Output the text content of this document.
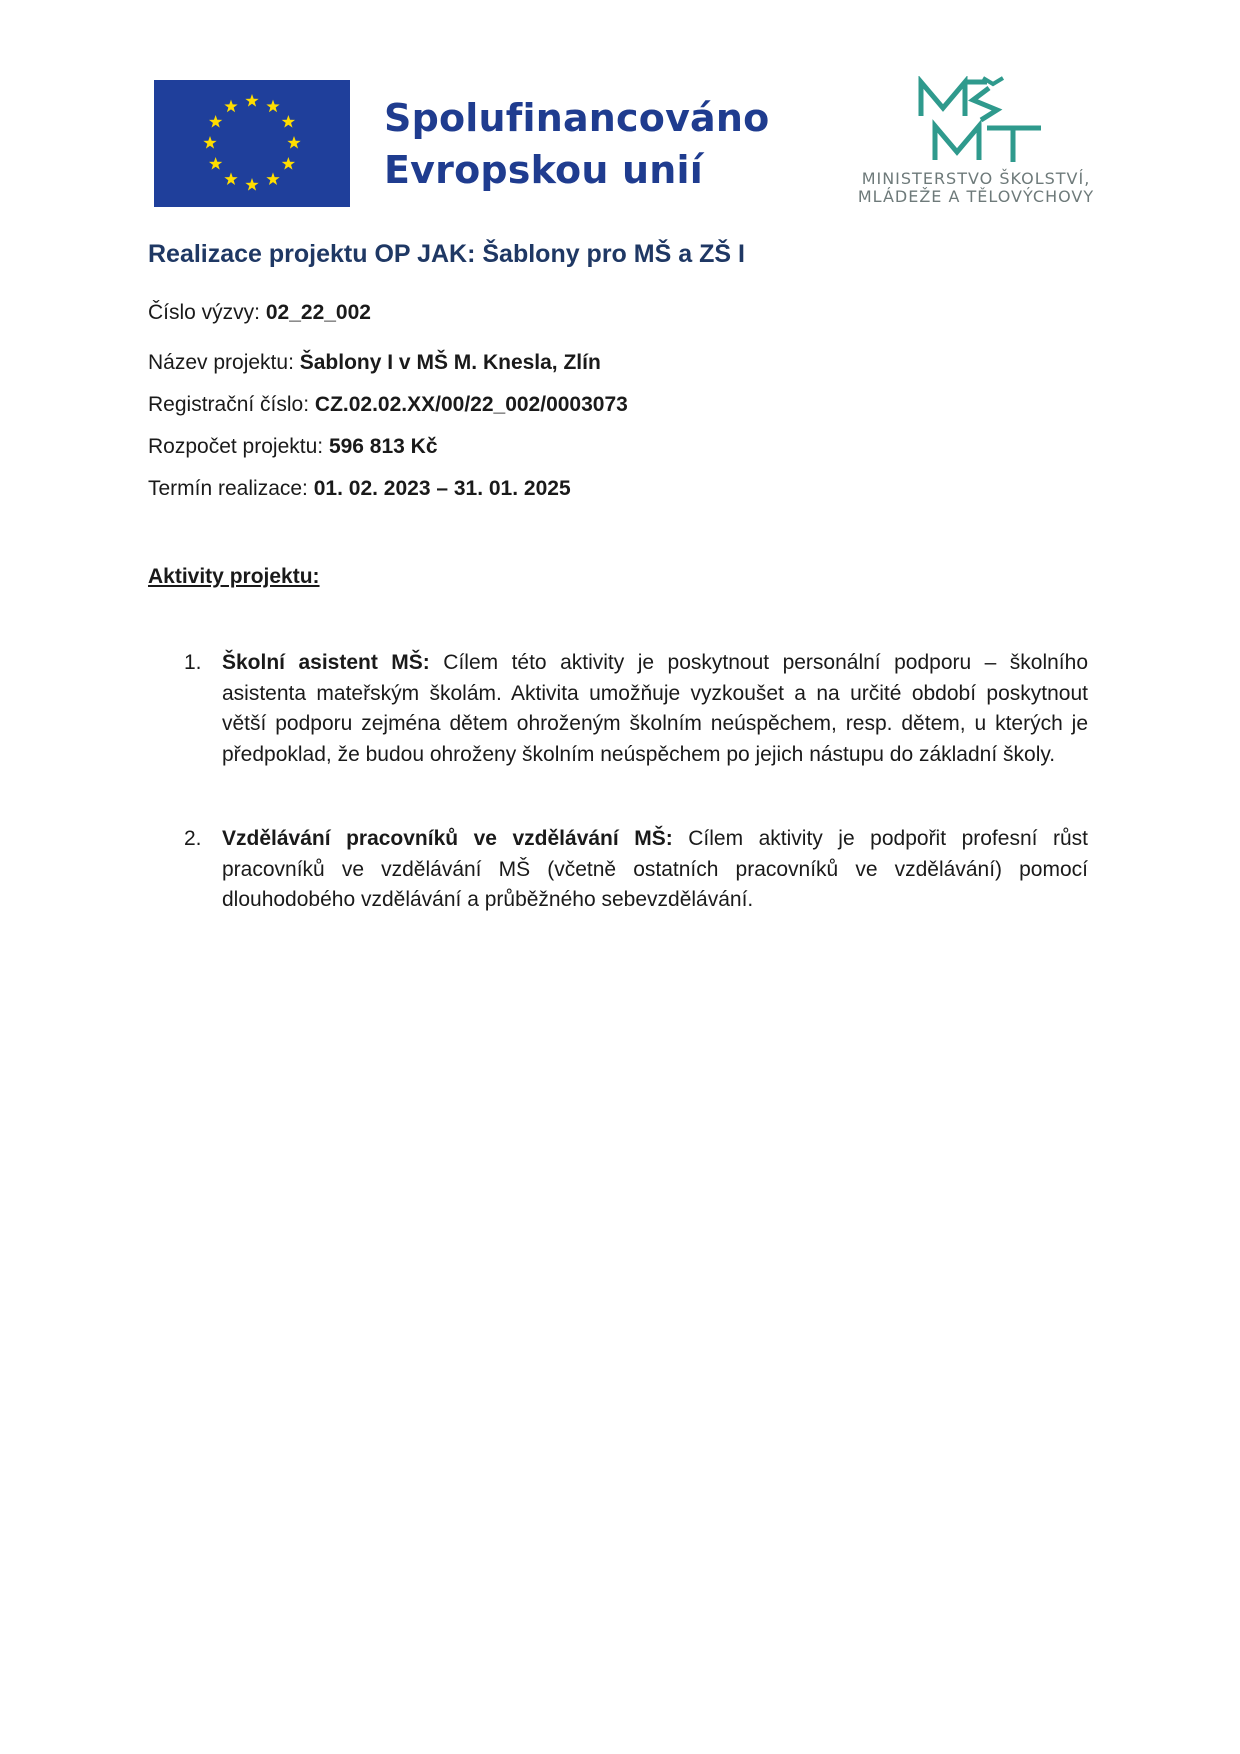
Spolufinancováno
Evropskou unií	MINISTERSTVO ŠKOLSTVÍ,
MLÁDEŽE A TĚLOVÝCHOVY
Realizace projektu OP JAK: Šablony pro MŠ a ZŠ I

Číslo výzvy: 02_22_002

Název projektu: Šablony I v MŠ M. Knesla, Zlín

Registrační číslo: CZ.02.02.XX/00/22_002/0003073

Rozpočet projektu: 596 813 Kč

Termín realizace: 01. 02. 2023 – 31. 01. 2025

Aktivity projektu:
1. Školní asistent MŠ: Cílem této aktivity je poskytnout personální podporu – školního asistenta mateřským školám. Aktivita umožňuje vyzkoušet a na určité období poskytnout větší podporu zejména dětem ohroženým školním neúspěchem, resp. dětem, u kterých je předpoklad, že budou ohroženy školním neúspěchem po jejich nástupu do základní školy.
2. Vzdělávání pracovníků ve vzdělávání MŠ: Cílem aktivity je podpořit profesní růst pracovníků ve vzdělávání MŠ (včetně ostatních pracovníků ve vzdělávání) pomocí dlouhodobého vzdělávání a průběžného sebevzdělávání.
